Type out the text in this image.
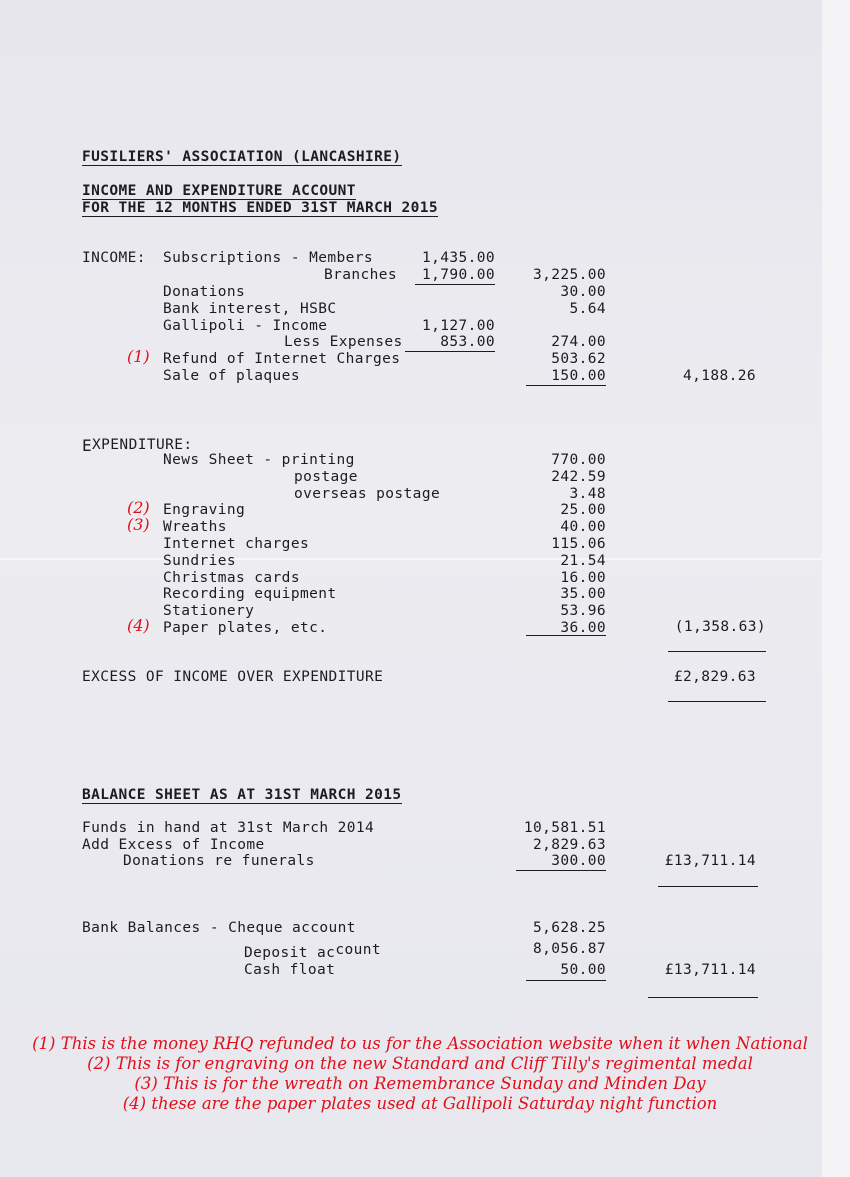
FUSILIERS' ASSOCIATION (LANCASHIRE)
INCOME AND EXPENDITURE ACCOUNT
FOR THE 12 MONTHS ENDED 31ST MARCH 2015
INCOME: Subscriptions - Members	1,435.00
Branches	1,790.00	3,225.00
Donations	30.00
Bank interest, HSBC	5.64
Gallipoli - Income	1,127.00
Less Expenses	853.00	274.00
(1) Refund of Internet Charges	503.62
Sale of plaques	150.00	4,188.26
EXPENDITURE:
News Sheet - printing	770.00
postage	242.59
overseas postage	3.48
(2) Engraving	25.00
(3) Wreaths	40.00
Internet charges	115.06
Sundries	21.54
Christmas cards	16.00
Recording equipment	35.00
Stationery	53.96
(4) Paper plates, etc.	36.00	(1,358.63)
EXCESS OF INCOME OVER EXPENDITURE	£2,829.63
BALANCE SHEET AS AT 31ST MARCH 2015
Funds in hand at 31st March 2014	10,581.51
Add Excess of Income	2,829.63
Donations re funerals	300.00	£13,711.14
Bank Balances - Cheque account	5,628.25
Deposit account	8,056.87
Cash float	50.00	£13,711.14
(1) This is the money RHQ refunded to us for the Association website when it when National
(2) This is for engraving on the new Standard and Cliff Tilly's regimental medal
(3) This is for the wreath on Remembrance Sunday and Minden Day
(4) these are the paper plates used at Gallipoli Saturday night function
